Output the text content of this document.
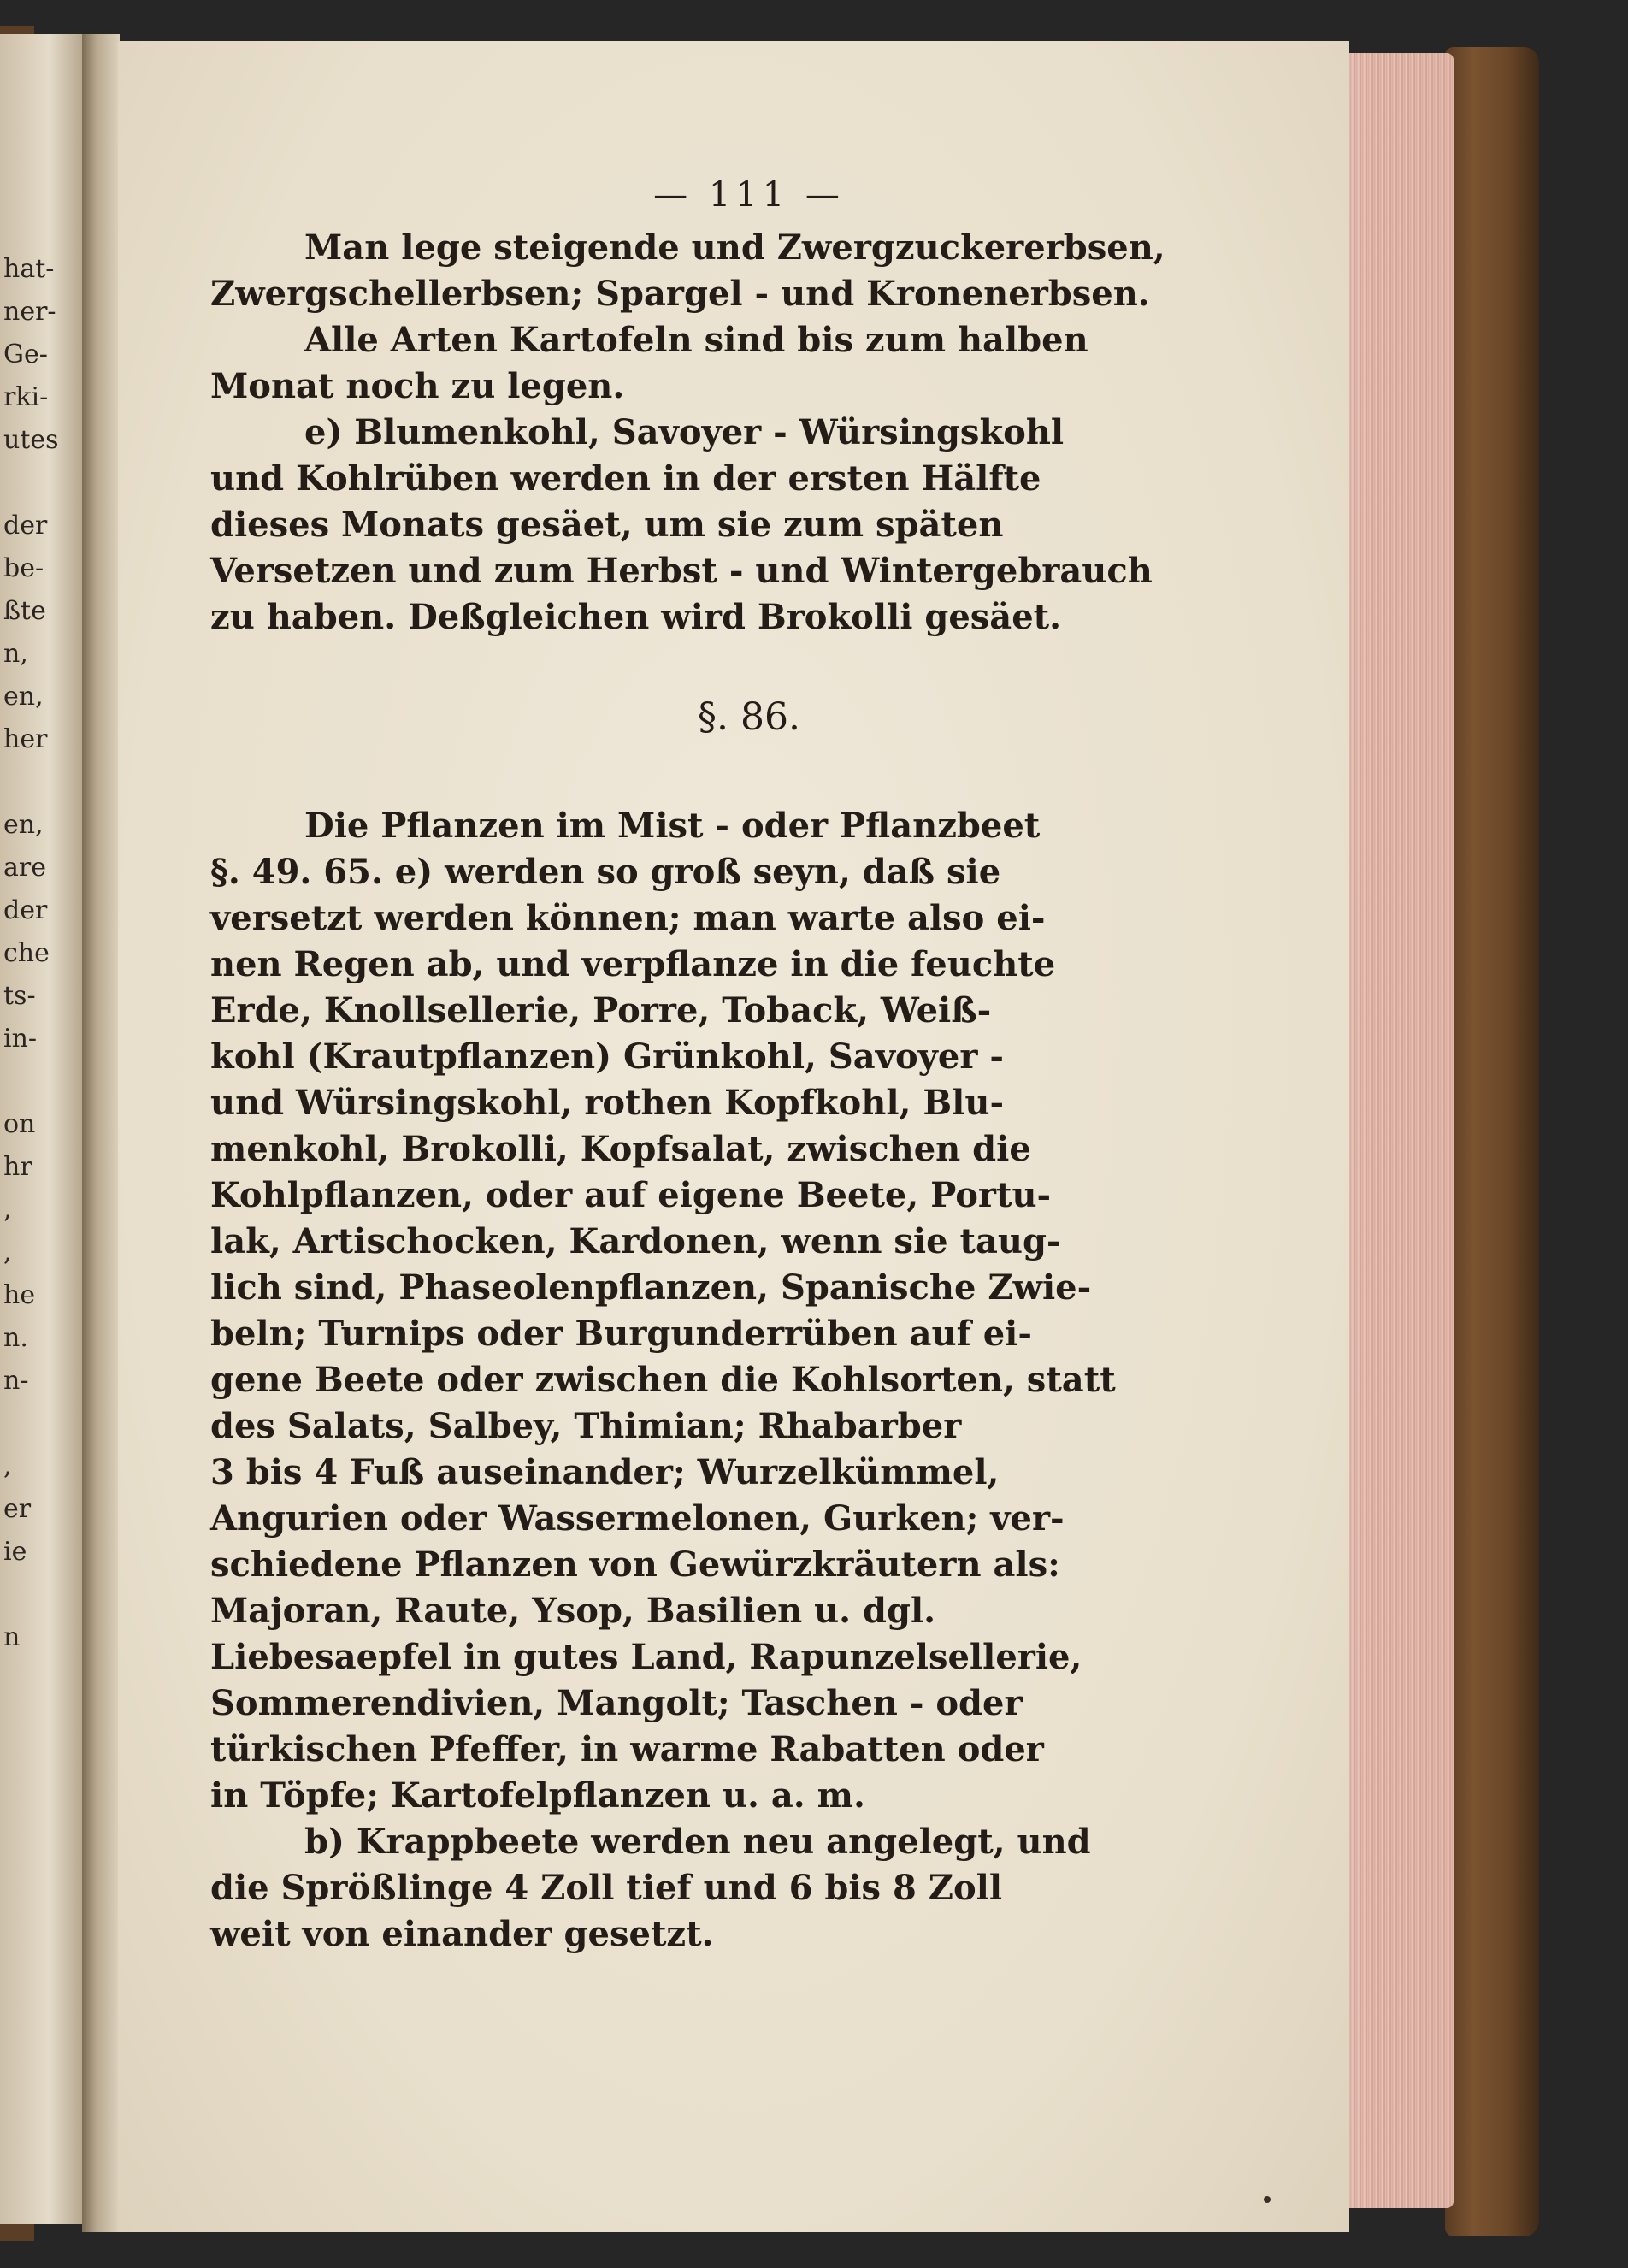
hat-
ner-
Ge-
rki-
utes

der
be-
ßte
n,
en,
her

en,
are
der
che
ts-
in-

on
hr
,
,
he
n.
n-

,
er
ie

n
— 111 —
Man lege steigende und Zwergzuckererbsen,
Zwergschellerbsen; Spargel - und Kronenerbsen.
Alle Arten Kartofeln sind bis zum halben
Monat noch zu legen.
e) Blumenkohl, Savoyer - Würsingskohl
und Kohlrüben werden in der ersten Hälfte
dieses Monats gesäet, um sie zum späten
Versetzen und zum Herbst - und Wintergebrauch
zu haben. Deßgleichen wird Brokolli gesäet.
§. 86.
Die Pflanzen im Mist - oder Pflanzbeet
§. 49. 65. e) werden so groß seyn, daß sie
versetzt werden können; man warte also ei-
nen Regen ab, und verpflanze in die feuchte
Erde, Knollsellerie, Porre, Toback, Weiß-
kohl (Krautpflanzen) Grünkohl, Savoyer -
und Würsingskohl, rothen Kopfkohl, Blu-
menkohl, Brokolli, Kopfsalat, zwischen die
Kohlpflanzen, oder auf eigene Beete, Portu-
lak, Artischocken, Kardonen, wenn sie taug-
lich sind, Phaseolenpflanzen, Spanische Zwie-
beln; Turnips oder Burgunderrüben auf ei-
gene Beete oder zwischen die Kohlsorten, statt
des Salats, Salbey, Thimian; Rhabarber
3 bis 4 Fuß auseinander; Wurzelkümmel,
Angurien oder Wassermelonen, Gurken; ver-
schiedene Pflanzen von Gewürzkräutern als:
Majoran, Raute, Ysop, Basilien u. dgl.
Liebesaepfel in gutes Land, Rapunzelsellerie,
Sommerendivien, Mangolt; Taschen - oder
türkischen Pfeffer, in warme Rabatten oder
in Töpfe; Kartofelpflanzen u. a. m.
b) Krappbeete werden neu angelegt, und
die Sprößlinge 4 Zoll tief und 6 bis 8 Zoll
weit von einander gesetzt.
